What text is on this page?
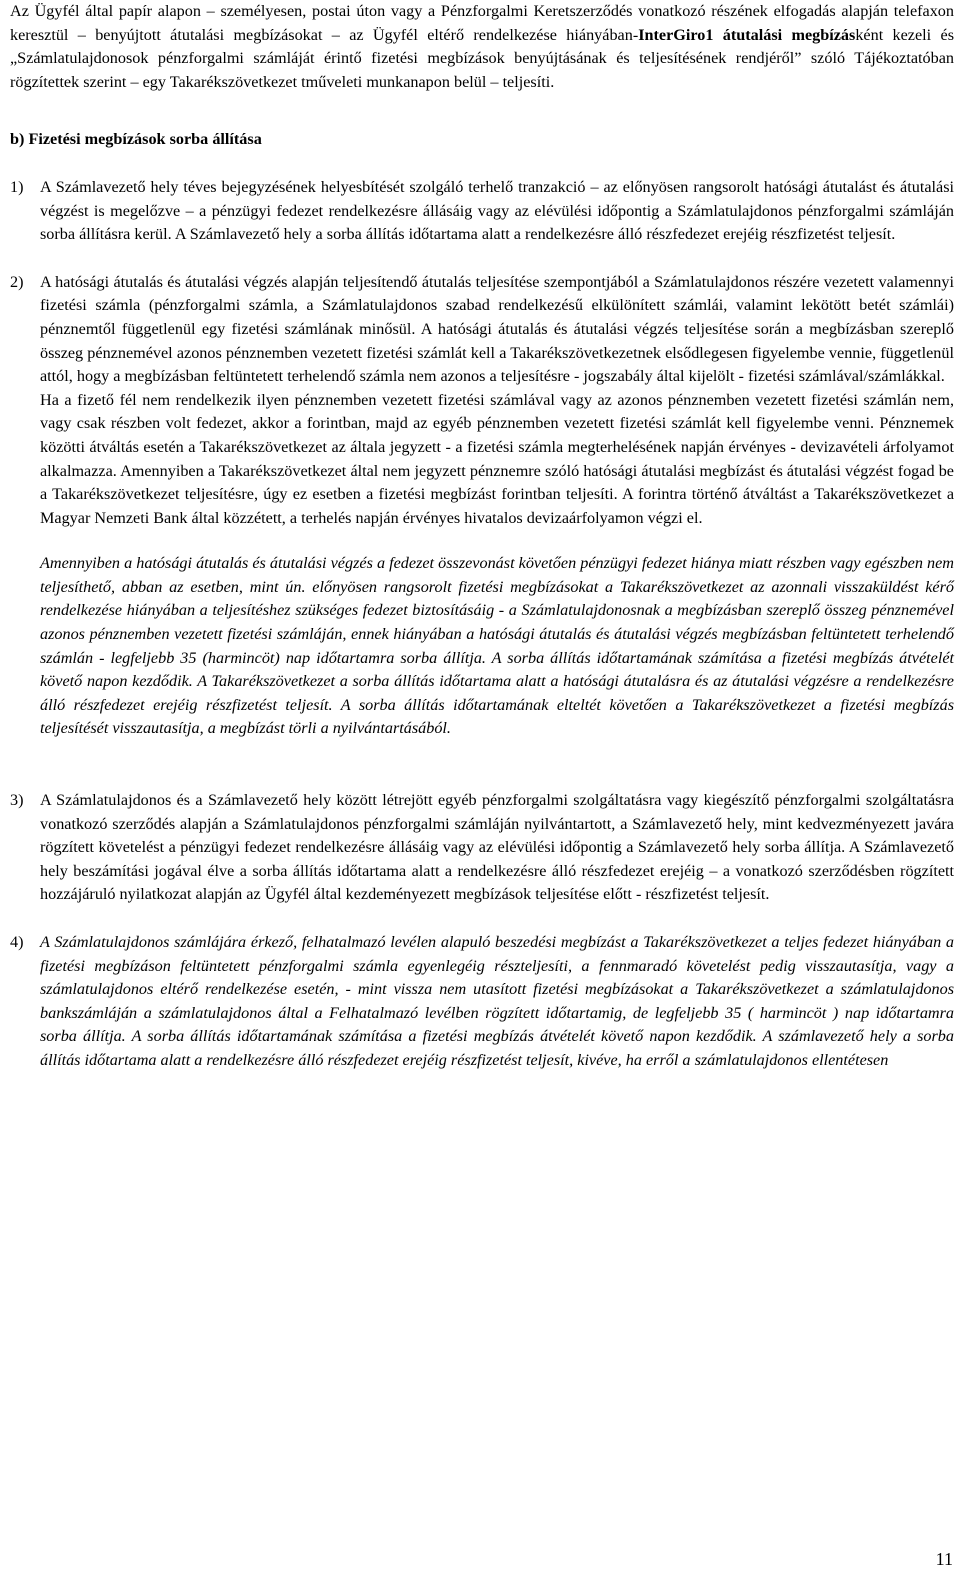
Az Ügyfél által papír alapon – személyesen, postai úton vagy a Pénzforgalmi Keretszerződés vonatkozó részének elfogadás alapján telefaxon keresztül – benyújtott átutalási megbízásokat – az Ügyfél eltérő rendelkezése hiányában-InterGiro1 átutalási megbízásként kezeli és „Számlatulajdonosok pénzforgalmi számláját érintő fizetési megbízások benyújtásának és teljesítésének rendjéről” szóló Tájékoztatóban rögzítettek szerint – egy Takarékszövetkezet tműveleti munkanapon belül – teljesíti.

b) Fizetési megbízások sorba állítása

1) A Számlavezető hely téves bejegyzésének helyesbítését szolgáló terhelő tranzakció – az előnyösen rangsorolt hatósági átutalást és átutalási végzést is megelőzve – a pénzügyi fedezet rendelkezésre állásáig vagy az elévülési időpontig a Számlatulajdonos pénzforgalmi számláján sorba állításra kerül. A Számlavezető hely a sorba állítás időtartama alatt a rendelkezésre álló részfedezet erejéig részfizetést teljesít.

2) A hatósági átutalás és átutalási végzés alapján teljesítendő átutalás teljesítése szempontjából a Számlatulajdonos részére vezetett valamennyi fizetési számla (pénzforgalmi számla, a Számlatulajdonos szabad rendelkezésű elkülönített számlái, valamint lekötött betét számlái) pénznemtől függetlenül egy fizetési számlának minősül. A hatósági átutalás és átutalási végzés teljesítése során a megbízásban szereplő összeg pénznemével azonos pénznemben vezetett fizetési számlát kell a Takarékszövetkezetnek elsődlegesen figyelembe vennie, függetlenül attól, hogy a megbízásban feltüntetett terhelendő számla nem azonos a teljesítésre - jogszabály által kijelölt - fizetési számlával/számlákkal.

Ha a fizető fél nem rendelkezik ilyen pénznemben vezetett fizetési számlával vagy az azonos pénznemben vezetett fizetési számlán nem, vagy csak részben volt fedezet, akkor a forintban, majd az egyéb pénznemben vezetett fizetési számlát kell figyelembe venni. Pénznemek közötti átváltás esetén a Takarékszövetkezet az általa jegyzett - a fizetési számla megterhelésének napján érvényes - devizavételi árfolyamot alkalmazza. Amennyiben a Takarékszövetkezet által nem jegyzett pénznemre szóló hatósági átutalási megbízást és átutalási végzést fogad be a Takarékszövetkezet teljesítésre, úgy ez esetben a fizetési megbízást forintban teljesíti. A forintra történő átváltást a Takarékszövetkezet a Magyar Nemzeti Bank által közzétett, a terhelés napján érvényes hivatalos devizaárfolyamon végzi el.

Amennyiben a hatósági átutalás és átutalási végzés a fedezet összevonást követően pénzügyi fedezet hiánya miatt részben vagy egészben nem teljesíthető, abban az esetben, mint ún. előnyösen rangsorolt fizetési megbízásokat a Takarékszövetkezet az azonnali visszaküldést kérő rendelkezése hiányában a teljesítéshez szükséges fedezet biztosításáig - a Számlatulajdonosnak a megbízásban szereplő összeg pénznemével azonos pénznemben vezetett fizetési számláján, ennek hiányában a hatósági átutalás és átutalási végzés megbízásban feltüntetett terhelendő számlán - legfeljebb 35 (harmincöt) nap időtartamra sorba állítja. A sorba állítás időtartamának számítása a fizetési megbízás átvételét követő napon kezdődik. A Takarékszövetkezet a sorba állítás időtartama alatt a hatósági átutalásra és az átutalási végzésre a rendelkezésre álló részfedezet erejéig részfizetést teljesít. A sorba állítás időtartamának elteltét követően a Takarékszövetkezet a fizetési megbízás teljesítését visszautasítja, a megbízást törli a nyilvántartásából.

3) A Számlatulajdonos és a Számlavezető hely között létrejött egyéb pénzforgalmi szolgáltatásra vagy kiegészítő pénzforgalmi szolgáltatásra vonatkozó szerződés alapján a Számlatulajdonos pénzforgalmi számláján nyilvántartott, a Számlavezető hely, mint kedvezményezett javára rögzített követelést a pénzügyi fedezet rendelkezésre állásáig vagy az elévülési időpontig a Számlavezető hely sorba állítja. A Számlavezető hely beszámítási jogával élve a sorba állítás időtartama alatt a rendelkezésre álló részfedezet erejéig – a vonatkozó szerződésben rögzített hozzájáruló nyilatkozat alapján az Ügyfél által kezdeményezett megbízások teljesítése előtt - részfizetést teljesít.

4) A Számlatulajdonos számlájára érkező, felhatalmazó levélen alapuló beszedési megbízást a Takarékszövetkezet a teljes fedezet hiányában a fizetési megbízáson feltüntetett pénzforgalmi számla egyenlegéig részteljesíti, a fennmaradó követelést pedig visszautasítja, vagy a számlatulajdonos eltérő rendelkezése esetén, - mint vissza nem utasított fizetési megbízásokat a Takarékszövetkezet a számlatulajdonos bankszámláján a számlatulajdonos által a Felhatalmazó levélben rögzített időtartamig, de legfeljebb 35 ( harmincöt ) nap időtartamra sorba állítja. A sorba állítás időtartamának számítása a fizetési megbízás átvételét követő napon kezdődik. A számlavezető hely a sorba állítás időtartama alatt a rendelkezésre álló részfedezet erejéig részfizetést teljesít, kivéve, ha erről a számlatulajdonos ellentétesen

11
